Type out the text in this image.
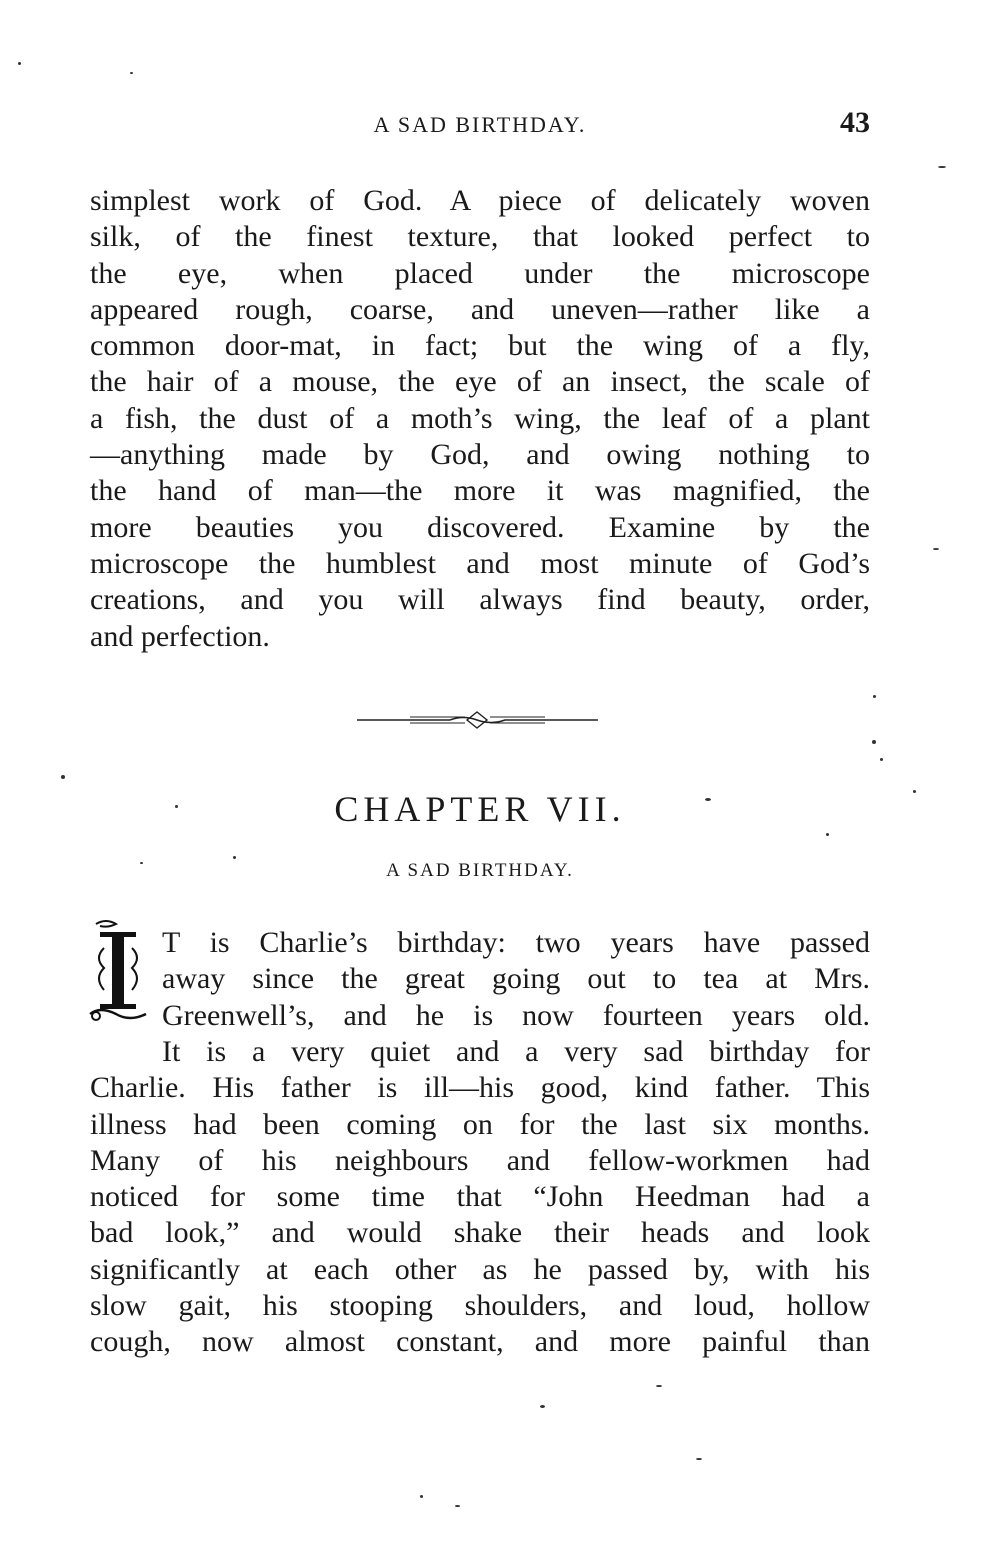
A SAD BIRTHDAY.	43
simplest work of God. A piece of delicately woven
silk, of the finest texture, that looked perfect to
the eye, when placed under the microscope
appeared rough, coarse, and uneven—rather like a
common door-mat, in fact; but the wing of a fly,
the hair of a mouse, the eye of an insect, the scale of
a fish, the dust of a moth’s wing, the leaf of a plant
—anything made by God, and owing nothing to
the hand of man—the more it was magnified, the
more beauties you discovered. Examine by the
microscope the humblest and most minute of God’s
creations, and you will always find beauty, order,
and perfection.
CHAPTER VII.
A SAD BIRTHDAY.
T is Charlie’s birthday: two years have passed
away since the great going out to tea at Mrs.
Greenwell’s, and he is now fourteen years old.
It is a very quiet and a very sad birthday for
Charlie. His father is ill—his good, kind father. This
illness had been coming on for the last six months.
Many of his neighbours and fellow-workmen had
noticed for some time that “John Heedman had a
bad look,” and would shake their heads and look
significantly at each other as he passed by, with his
slow gait, his stooping shoulders, and loud, hollow
cough, now almost constant, and more painful than
